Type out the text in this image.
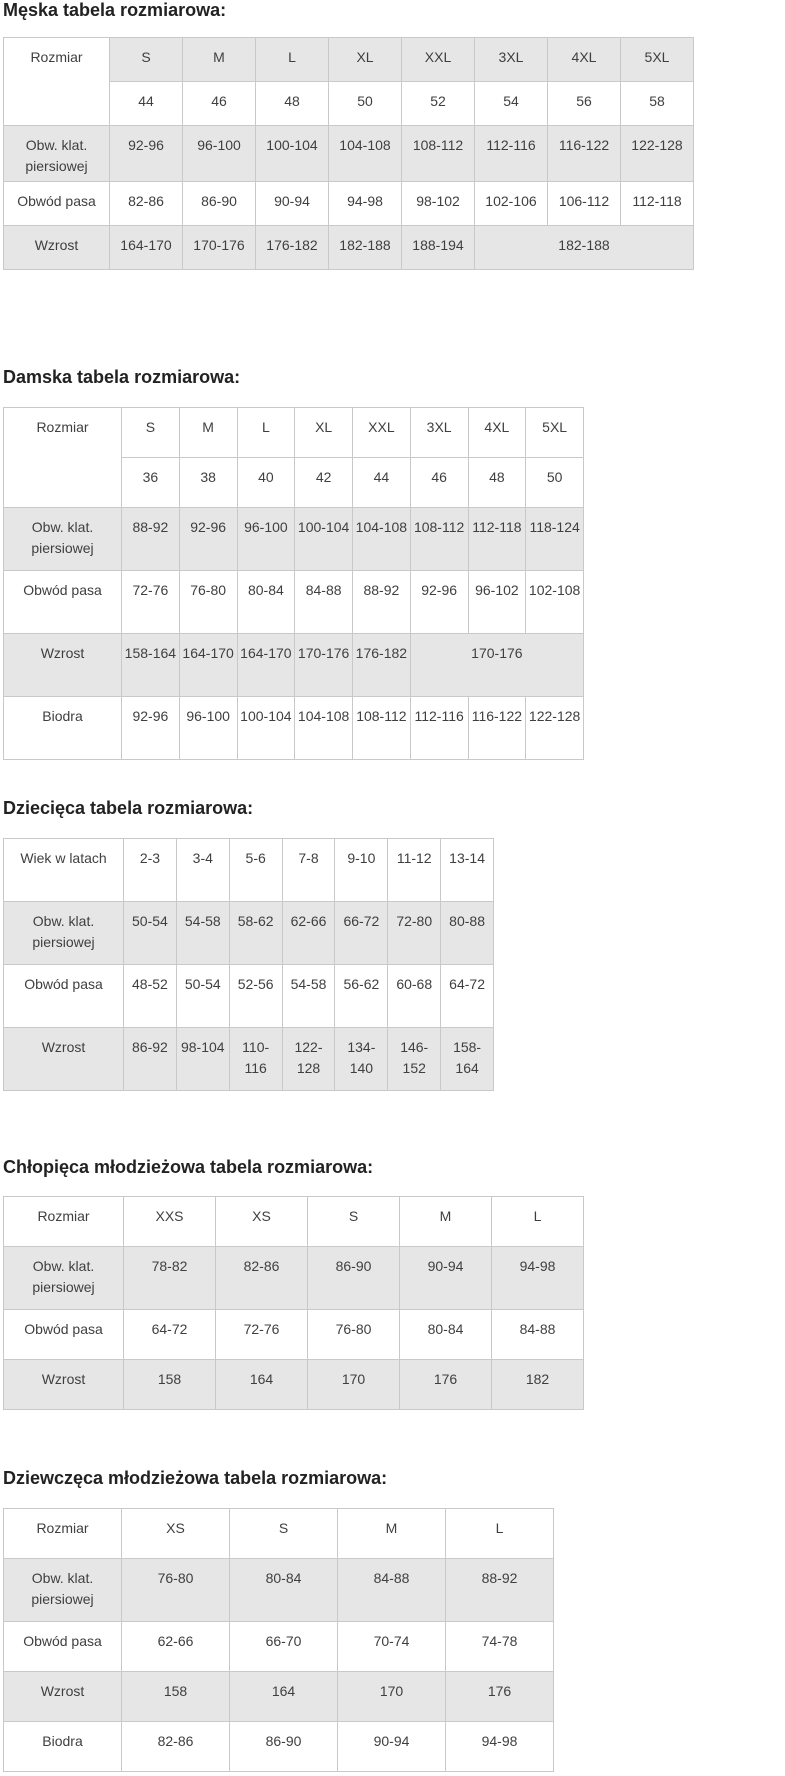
Męska tabela rozmiarowa:
Rozmiar	S	M	L	XL	XXL	3XL	4XL	5XL
	44	46	48	50	52	54	56	58
Obw. klat. piersiowej	92-96	96-100	100-104	104-108	108-112	112-116	116-122	122-128
Obwód pasa	82-86	86-90	90-94	94-98	98-102	102-106	106-112	112-118
Wzrost	164-170	170-176	176-182	182-188	188-194	182-188		
Damska tabela rozmiarowa:
Rozmiar	S	M	L	XL	XXL	3XL	4XL	5XL
	36	38	40	42	44	46	48	50
Obw. klat. piersiowej	88-92	92-96	96-100	100-104	104-108	108-112	112-118	118-124
Obwód pasa	72-76	76-80	80-84	84-88	88-92	92-96	96-102	102-108
Wzrost	158-164	164-170	164-170	170-176	176-182	170-176		
Biodra	92-96	96-100	100-104	104-108	108-112	112-116	116-122	122-128
Dziecięca tabela rozmiarowa:
Wiek w latach	2-3	3-4	5-6	7-8	9-10	11-12	13-14
Obw. klat. piersiowej	50-54	54-58	58-62	62-66	66-72	72-80	80-88
Obwód pasa	48-52	50-54	52-56	54-58	56-62	60-68	64-72
Wzrost	86-92	98-104	110-116	122-128	134-140	146-152	158-164
Chłopięca młodzieżowa tabela rozmiarowa:
Rozmiar	XXS	XS	S	M	L
Obw. klat. piersiowej	78-82	82-86	86-90	90-94	94-98
Obwód pasa	64-72	72-76	76-80	80-84	84-88
Wzrost	158	164	170	176	182
Dziewczęca młodzieżowa tabela rozmiarowa:
Rozmiar	XS	S	M	L
Obw. klat. piersiowej	76-80	80-84	84-88	88-92
Obwód pasa	62-66	66-70	70-74	74-78
Wzrost	158	164	170	176
Biodra	82-86	86-90	90-94	94-98
